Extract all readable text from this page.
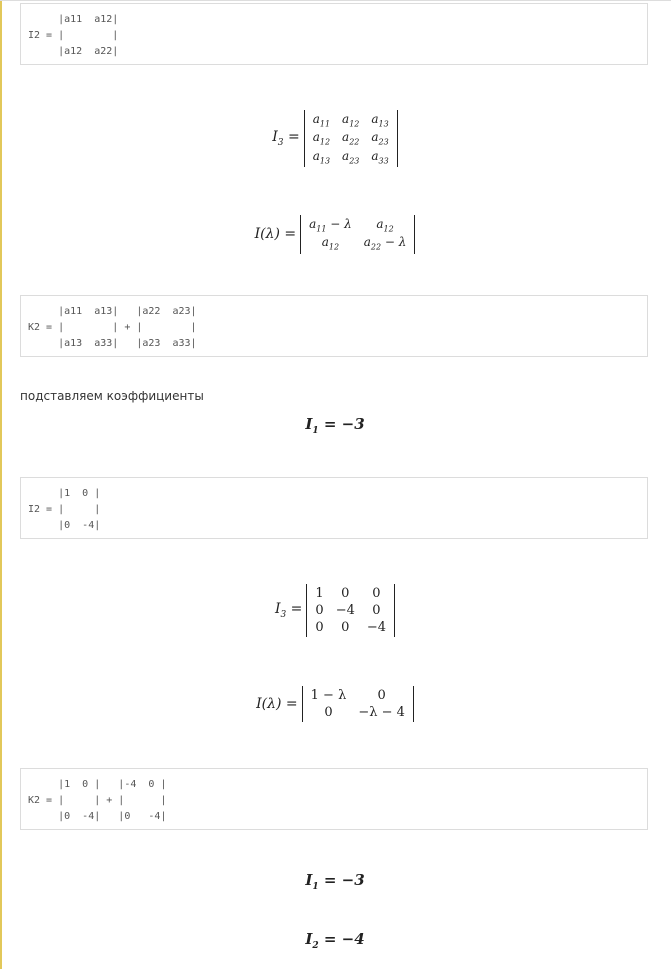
|a11  a12|
I2 = |        |
|a12  a22|
$I_3$ =
$a_{11}$	$a_{12}$	$a_{13}$
$a_{12}$	$a_{22}$	$a_{23}$
$a_{13}$	$a_{23}$	$a_{33}$
I(λ) =
$a_{11} - \lambda$	$a_{12}$
$a_{12}$	$a_{22} - \lambda$
|a11  a13|   |a22  a23|
K2 = |        | + |        |
|a13  a33|   |a23  a33|
подставляем коэффициенты
$I_1 = -3$
|1  0 |
I2 = |     |
|0  -4|
$I_3$ =
1	0	0
0	−4	0
0	0	−4
I(λ) =
1 − λ	0
0	−λ − 4
|1  0 |   |-4  0 |
K2 = |     | + |      |
|0  -4|   |0   -4|
$I_1 = -3$
$I_2 = -4$
